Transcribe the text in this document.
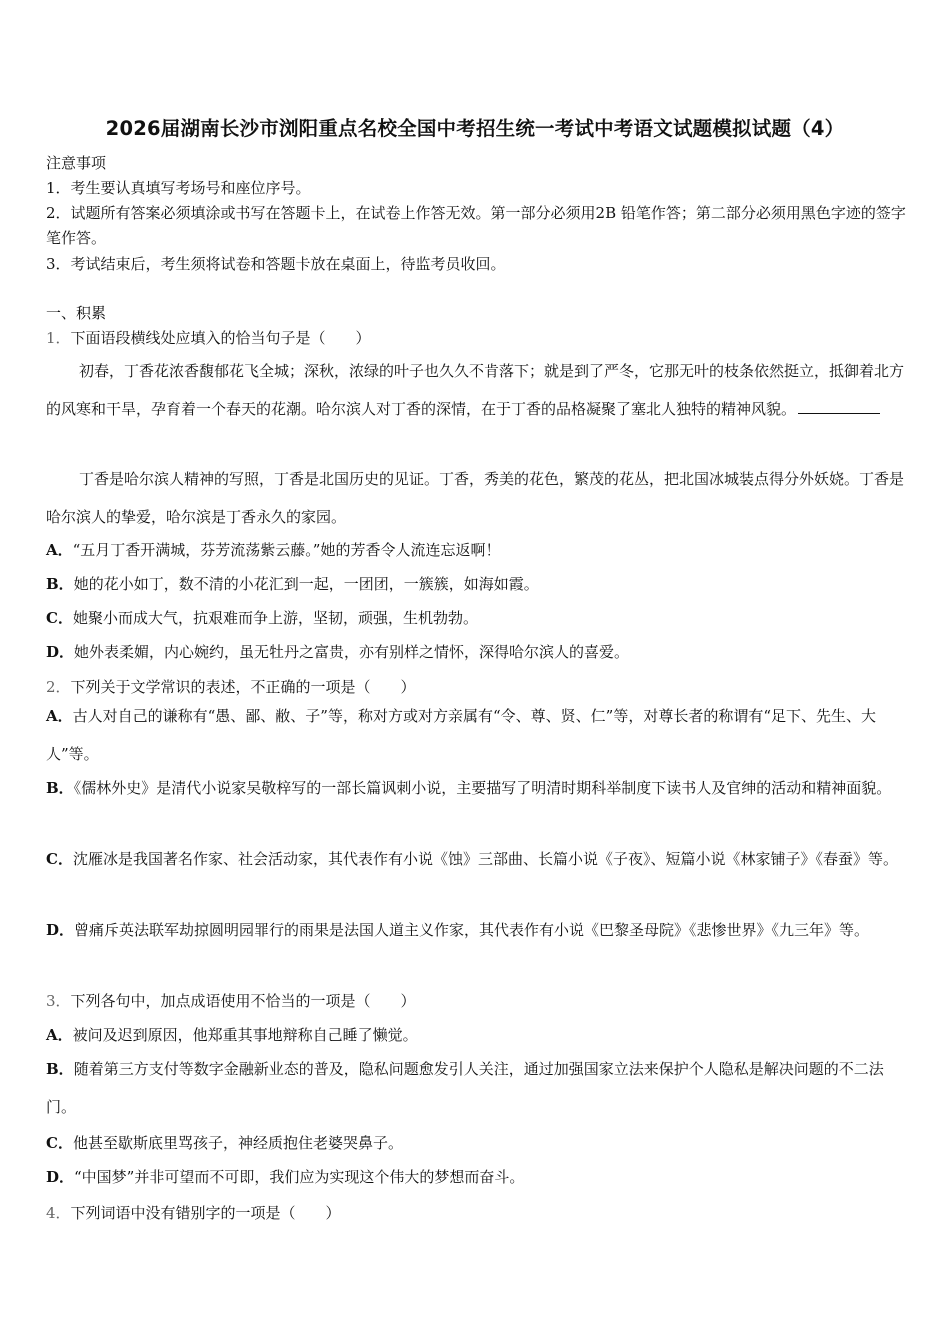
2026届湖南长沙市浏阳重点名校全国中考招生统一考试中考语文试题模拟试题（4）
注意事项
1．考生要认真填写考场号和座位序号。
2．试题所有答案必须填涂或书写在答题卡上，在试卷上作答无效。第一部分必须用2B 铅笔作答；第二部分必须用黑色字迹的签字笔作答。
3．考试结束后，考生须将试卷和答题卡放在桌面上，待监考员收回。
一、积累
1．下面语段横线处应填入的恰当句子是（　　）
初春，丁香花浓香馥郁花飞全城；深秋，浓绿的叶子也久久不肯落下；就是到了严冬，它那无叶的枝条依然挺立，抵御着北方的风寒和干旱，孕育着一个春天的花潮。哈尔滨人对丁香的深情，在于丁香的品格凝聚了塞北人独特的精神风貌。
丁香是哈尔滨人精神的写照，丁香是北国历史的见证。丁香，秀美的花色，繁茂的花丛，把北国冰城装点得分外妖娆。丁香是哈尔滨人的挚爱，哈尔滨是丁香永久的家园。
A．“五月丁香开满城，芬芳流荡紫云藤。”她的芳香令人流连忘返啊！
B．她的花小如丁，数不清的小花汇到一起，一团团，一簇簇，如海如霞。
C．她聚小而成大气，抗艰难而争上游，坚韧，顽强，生机勃勃。
D．她外表柔媚，内心婉约，虽无牡丹之富贵，亦有别样之情怀，深得哈尔滨人的喜爱。
2．下列关于文学常识的表述，不正确的一项是（　　）
A．古人对自己的谦称有“愚、鄙、敝、子”等，称对方或对方亲属有“令、尊、贤、仁”等，对尊长者的称谓有“足下、先生、大人”等。
B．《儒林外史》是清代小说家吴敬梓写的一部长篇讽刺小说，主要描写了明清时期科举制度下读书人及官绅的活动和精神面貌。
C．沈雁冰是我国著名作家、社会活动家，其代表作有小说《蚀》三部曲、长篇小说《子夜》、短篇小说《林家铺子》《春蚕》等。
D．曾痛斥英法联军劫掠圆明园罪行的雨果是法国人道主义作家，其代表作有小说《巴黎圣母院》《悲惨世界》《九三年》等。
3．下列各句中，加点成语使用不恰当的一项是（　　）
A．被问及迟到原因，他郑重其事地辩称自己睡了懒觉。
B．随着第三方支付等数字金融新业态的普及，隐私问题愈发引人关注，通过加强国家立法来保护个人隐私是解决问题的不二法门。
C．他甚至歇斯底里骂孩子，神经质抱住老婆哭鼻子。
D．“中国梦”并非可望而不可即，我们应为实现这个伟大的梦想而奋斗。
4．下列词语中没有错别字的一项是（　　）
